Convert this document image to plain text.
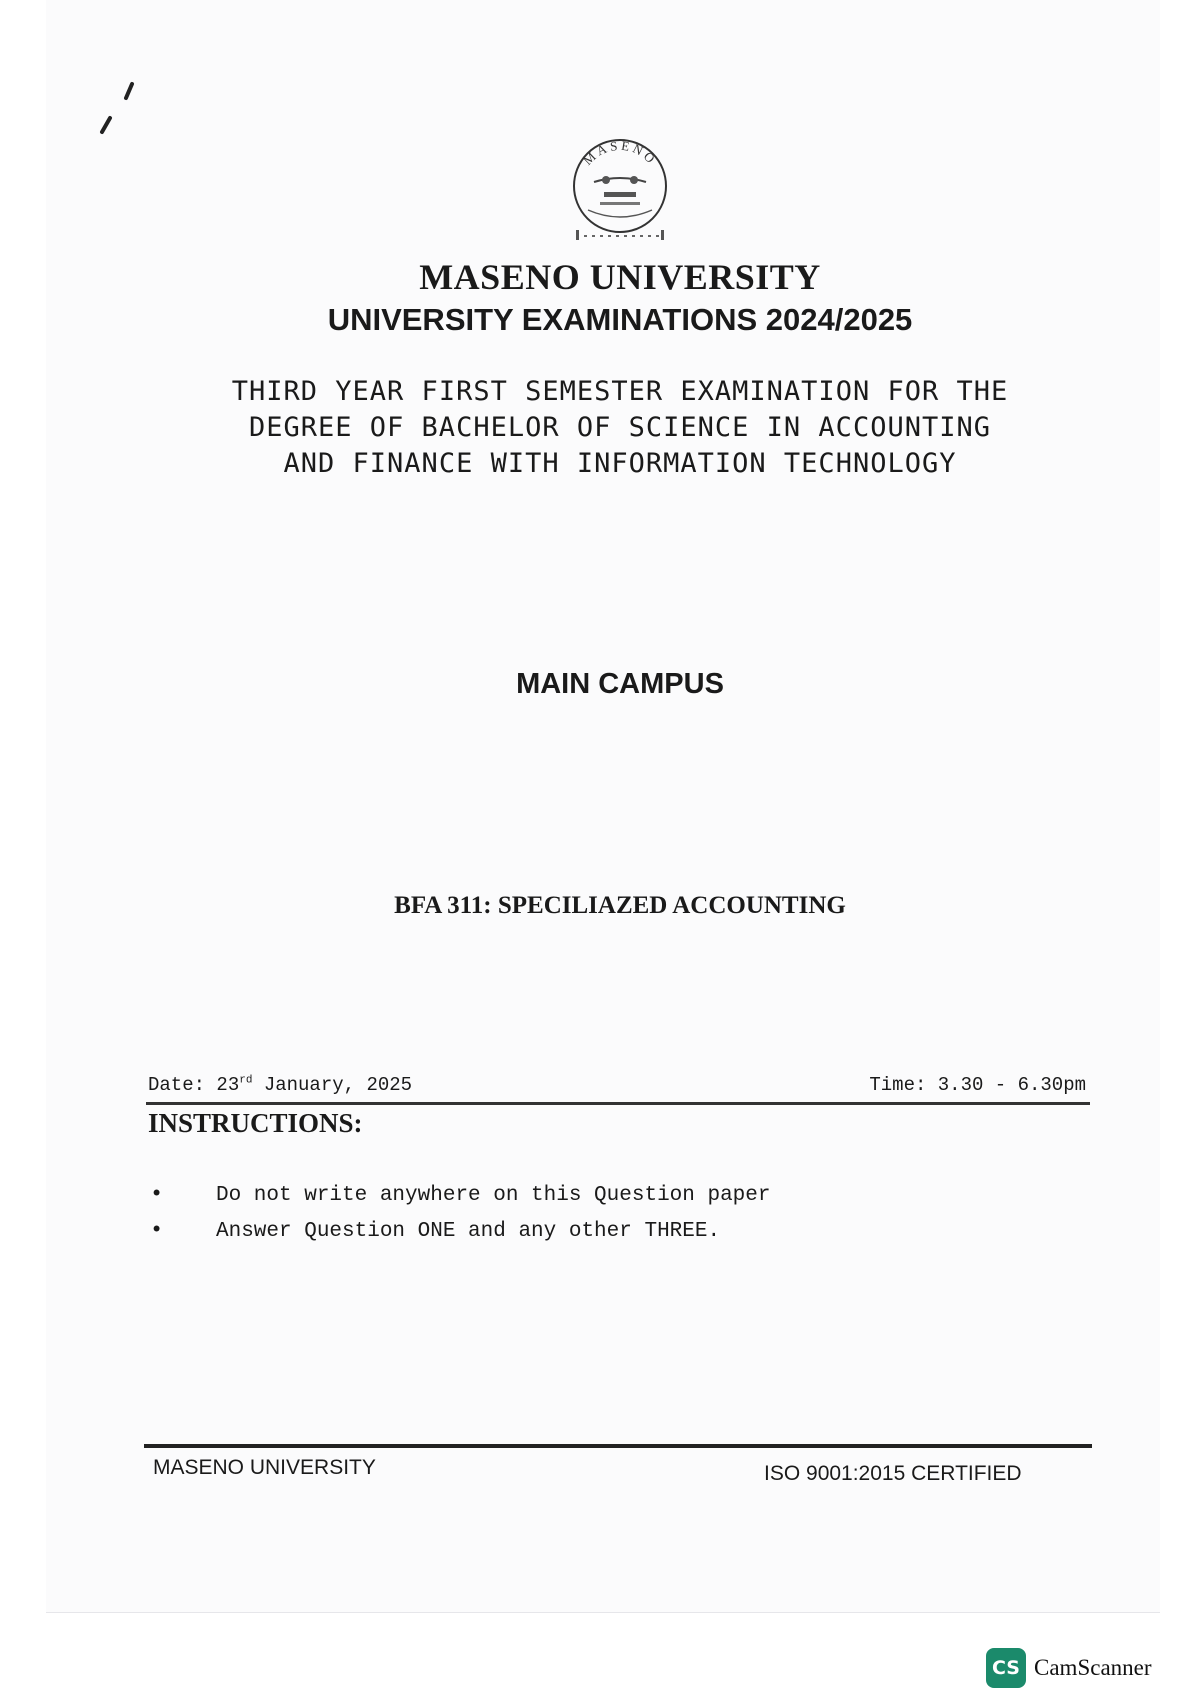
MASENO
MASENO UNIVERSITY
UNIVERSITY EXAMINATIONS 2024/2025
THIRD YEAR FIRST SEMESTER EXAMINATION FOR THE
DEGREE OF BACHELOR OF SCIENCE IN ACCOUNTING
AND FINANCE WITH INFORMATION TECHNOLOGY
MAIN CAMPUS
BFA 311: SPECILIAZED ACCOUNTING
Date: 23rd January, 2025	Time: 3.30 - 6.30pm
INSTRUCTIONS:
•	Do not write anywhere on this Question paper
•	Answer Question ONE and any other THREE.
MASENO UNIVERSITY	ISO 9001:2015 CERTIFIED
CS CamScanner
